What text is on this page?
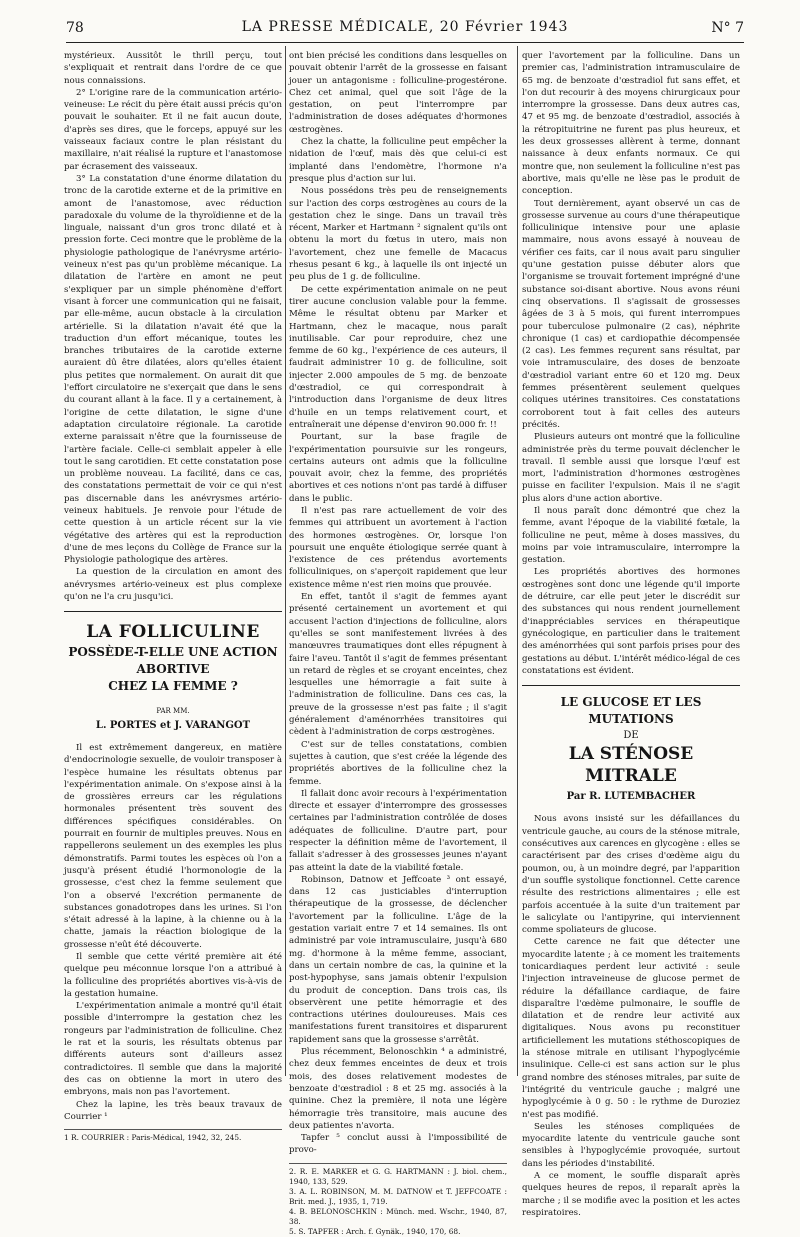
78	LA PRESSE MÉDICALE, 20 Février 1943	N° 7

mystérieux. Aussitôt le thrill perçu, tout s'expliquait et rentrait dans l'ordre de ce que nous connaissions.

2° L'origine rare de la communication artério-veineuse: Le récit du père était aussi précis qu'on pouvait le souhaiter. Et il ne fait aucun doute, d'après ses dires, que le forceps, appuyé sur les vaisseaux faciaux contre le plan résistant du maxillaire, n'ait réalisé la rupture et l'anastomose par écrasement des vaisseaux.

3° La constatation d'une énorme dilatation du tronc de la carotide externe et de la primitive en amont de l'anastomose, avec réduction paradoxale du volume de la thyroïdienne et de la linguale, naissant d'un gros tronc dilaté et à pression forte. Ceci montre que le problème de la physiologie pathologique de l'anévrysme artério-veineux n'est pas qu'un problème mécanique. La dilatation de l'artère en amont ne peut s'expliquer par un simple phénomène d'effort visant à forcer une communication qui ne faisait, par elle-même, aucun obstacle à la circulation artérielle. Si la dilatation n'avait été que la traduction d'un effort mécanique, toutes les branches tributaires de la carotide externe auraient dû être dilatées, alors qu'elles étaient plus petites que normalement. On aurait dit que l'effort circulatoire ne s'exerçait que dans le sens du courant allant à la face. Il y a certainement, à l'origine de cette dilatation, le signe d'une adaptation circulatoire régionale. La carotide externe paraissait n'être que la fournisseuse de l'artère faciale. Celle-ci semblait appeler à elle tout le sang carotidien. Et cette constatation pose un problème nouveau. La facilité, dans ce cas, des constatations permettait de voir ce qui n'est pas discernable dans les anévrysmes artério-veineux habituels. Je renvoie pour l'étude de cette question à un article récent sur la vie végétative des artères qui est la reproduction d'une de mes leçons du Collège de France sur la Physiologie pathologique des artères.

La question de la circulation en amont des anévrysmes artério-veineux est plus complexe qu'on ne l'a cru jusqu'ici.

LA FOLLICULINE
POSSÈDE-T-ELLE UNE ACTION
ABORTIVE
CHEZ LA FEMME ?
PAR MM.
L. PORTES et J. VARANGOT

Il est extrêmement dangereux, en matière d'endocrinologie sexuelle, de vouloir transposer à l'espèce humaine les résultats obtenus par l'expérimentation animale. On s'expose ainsi à la de grossières erreurs car les régulations hormonales présentent très souvent des différences spécifiques considérables. On pourrait en fournir de multiples preuves. Nous en rappellerons seulement un des exemples les plus démonstratifs. Parmi toutes les espèces où l'on a jusqu'à présent étudié l'hormonologie de la grossesse, c'est chez la femme seulement que l'on a observé l'excrétion permanente de substances gonadotropes dans les urines. Si l'on s'était adressé à la lapine, à la chienne ou à la chatte, jamais la réaction biologique de la grossesse n'eût été découverte.

Il semble que cette vérité première ait été quelque peu méconnue lorsque l'on a attribué à la folliculine des propriétés abortives vis-à-vis de la gestation humaine.

L'expérimentation animale a montré qu'il était possible d'interrompre la gestation chez les rongeurs par l'administration de folliculine. Chez le rat et la souris, les résultats obtenus par différents auteurs sont d'ailleurs assez contradictoires. Il semble que dans la majorité des cas on obtienne la mort in utero des embryons, mais non pas l'avortement.

Chez la lapine, les très beaux travaux de Courrier ¹

1 R. COURRIER : Paris-Médical, 1942, 32, 245.

ont bien précisé les conditions dans lesquelles on pouvait obtenir l'arrêt de la grossesse en faisant jouer un antagonisme : folliculine-progestérone. Chez cet animal, quel que soit l'âge de la gestation, on peut l'interrompre par l'administration de doses adéquates d'hormones œstrogènes.

Chez la chatte, la folliculine peut empêcher la nidation de l'œuf, mais dès que celui-ci est implanté dans l'endomètre, l'hormone n'a presque plus d'action sur lui.

Nous possédons très peu de renseignements sur l'action des corps œstrogènes au cours de la gestation chez le singe. Dans un travail très récent, Marker et Hartmann ² signalent qu'ils ont obtenu la mort du fœtus in utero, mais non l'avortement, chez une femelle de Macacus rhesus pesant 6 kg., à laquelle ils ont injecté un peu plus de 1 g. de folliculine.

De cette expérimentation animale on ne peut tirer aucune conclusion valable pour la femme. Même le résultat obtenu par Marker et Hartmann, chez le macaque, nous paraît inutilisable. Car pour reproduire, chez une femme de 60 kg., l'expérience de ces auteurs, il faudrait administrer 10 g. de folliculine, soit injecter 2.000 ampoules de 5 mg. de benzoate d'œstradiol, ce qui correspondrait à l'introduction dans l'organisme de deux litres d'huile en un temps relativement court, et entraînerait une dépense d'environ 90.000 fr. !!

Pourtant, sur la base fragile de l'expérimentation poursuivie sur les rongeurs, certains auteurs ont admis que la folliculine pouvait avoir, chez la femme, des propriétés abortives et ces notions n'ont pas tardé à diffuser dans le public.

Il n'est pas rare actuellement de voir des femmes qui attribuent un avortement à l'action des hormones œstrogènes. Or, lorsque l'on poursuit une enquête étiologique serrée quant à l'existence de ces prétendus avortements folliculiniques, on s'aperçoit rapidement que leur existence même n'est rien moins que prouvée.

En effet, tantôt il s'agit de femmes ayant présenté certainement un avortement et qui accusent l'action d'injections de folliculine, alors qu'elles se sont manifestement livrées à des manœuvres traumatiques dont elles répugnent à faire l'aveu. Tantôt il s'agit de femmes présentant un retard de règles et se croyant enceintes, chez lesquelles une hémorragie a fait suite à l'administration de folliculine. Dans ces cas, la preuve de la grossesse n'est pas faite ; il s'agit généralement d'aménorrhées transitoires qui cèdent à l'administration de corps œstrogènes.

C'est sur de telles constatations, combien sujettes à caution, que s'est créée la légende des propriétés abortives de la folliculine chez la femme.

Il fallait donc avoir recours à l'expérimentation directe et essayer d'interrompre des grossesses certaines par l'administration contrôlée de doses adéquates de folliculine. D'autre part, pour respecter la définition même de l'avortement, il fallait s'adresser à des grossesses jeunes n'ayant pas atteint la date de la viabilité fœtale.

Robinson, Datnow et Jeffcoate ³ ont essayé, dans 12 cas justiciables d'interruption thérapeutique de la grossesse, de déclencher l'avortement par la folliculine. L'âge de la gestation variait entre 7 et 14 semaines. Ils ont administré par voie intramusculaire, jusqu'à 680 mg. d'hormone à la même femme, associant, dans un certain nombre de cas, la quinine et la post-hypophyse, sans jamais obtenir l'expulsion du produit de conception. Dans trois cas, ils observèrent une petite hémorragie et des contractions utérines douloureuses. Mais ces manifestations furent transitoires et disparurent rapidement sans que la grossesse s'arrêtât.

Plus récemment, Belonoschkin ⁴ a administré, chez deux femmes enceintes de deux et trois mois, des doses relativement modestes de benzoate d'œstradiol : 8 et 25 mg. associés à la quinine. Chez la première, il nota une légère hémorragie très transitoire, mais aucune des deux patientes n'avorta.

Tapfer ⁵ conclut aussi à l'impossibilité de provo-

2. R. E. MARKER et G. G. HARTMANN : J. biol. chem., 1940, 133, 529.
3. A. L. ROBINSON, M. M. DATNOW et T. JEFFCOATE : Brit. med. J., 1935, 1, 719.
4. B. BELONOSCHKIN : Münch. med. Wschr., 1940, 87, 38.
5. S. TAPFER : Arch. f. Gynäk., 1940, 170, 68.

quer l'avortement par la folliculine. Dans un premier cas, l'administration intramusculaire de 65 mg. de benzoate d'œstradiol fut sans effet, et l'on dut recourir à des moyens chirurgicaux pour interrompre la grossesse. Dans deux autres cas, 47 et 95 mg. de benzoate d'œstradiol, associés à la rétropituitrine ne furent pas plus heureux, et les deux grossesses allèrent à terme, donnant naissance à deux enfants normaux. Ce qui montre que, non seulement la folliculine n'est pas abortive, mais qu'elle ne lèse pas le produit de conception.

Tout dernièrement, ayant observé un cas de grossesse survenue au cours d'une thérapeutique folliculinique intensive pour une aplasie mammaire, nous avons essayé à nouveau de vérifier ces faits, car il nous avait paru singulier qu'une gestation puisse débuter alors que l'organisme se trouvait fortement imprégné d'une substance soi-disant abortive. Nous avons réuni cinq observations. Il s'agissait de grossesses âgées de 3 à 5 mois, qui furent interrompues pour tuberculose pulmonaire (2 cas), néphrite chronique (1 cas) et cardiopathie décompensée (2 cas). Les femmes reçurent sans résultat, par voie intramusculaire, des doses de benzoate d'œstradiol variant entre 60 et 120 mg. Deux femmes présentèrent seulement quelques coliques utérines transitoires. Ces constatations corroborent tout à fait celles des auteurs précités.

Plusieurs auteurs ont montré que la folliculine administrée près du terme pouvait déclencher le travail. Il semble aussi que lorsque l'œuf est mort, l'administration d'hormones œstrogènes puisse en faciliter l'expulsion. Mais il ne s'agit plus alors d'une action abortive.

Il nous paraît donc démontré que chez la femme, avant l'époque de la viabilité fœtale, la folliculine ne peut, même à doses massives, du moins par voie intramusculaire, interrompre la gestation.

Les propriétés abortives des hormones œstrogènes sont donc une légende qu'il importe de détruire, car elle peut jeter le discrédit sur des substances qui nous rendent journellement d'inappréciables services en thérapeutique gynécologique, en particulier dans le traitement des aménorrhées qui sont parfois prises pour des gestations au début. L'intérêt médico-légal de ces constatations est évident.

LE GLUCOSE ET LES MUTATIONS
DE
LA STÉNOSE MITRALE
Par R. LUTEMBACHER

Nous avons insisté sur les défaillances du ventricule gauche, au cours de la sténose mitrale, consécutives aux carences en glycogène : elles se caractérisent par des crises d'œdème aigu du poumon, ou, à un moindre degré, par l'apparition d'un souffle systolique fonctionnel. Cette carence résulte des restrictions alimentaires ; elle est parfois accentuée à la suite d'un traitement par le salicylate ou l'antipyrine, qui interviennent comme spoliateurs de glucose.

Cette carence ne fait que détecter une myocardite latente ; à ce moment les traitements tonicardiaques perdent leur activité : seule l'injection intraveineuse de glucose permet de réduire la défaillance cardiaque, de faire disparaître l'œdème pulmonaire, le souffle de dilatation et de rendre leur activité aux digitaliques. Nous avons pu reconstituer artificiellement les mutations stéthoscopiques de la sténose mitrale en utilisant l'hypoglycémie insulinique. Celle-ci est sans action sur le plus grand nombre des sténoses mitrales, par suite de l'intégrité du ventricule gauche ; malgré une hypoglycémie à 0 g. 50 : le rythme de Duroziez n'est pas modifié.

Seules les sténoses compliquées de myocardite latente du ventricule gauche sont sensibles à l'hypoglycémie provoquée, surtout dans les périodes d'instabilité.

A ce moment, le souffle disparaît après quelques heures de repos, il reparaît après la marche ; il se modifie avec la position et les actes respiratoires.
